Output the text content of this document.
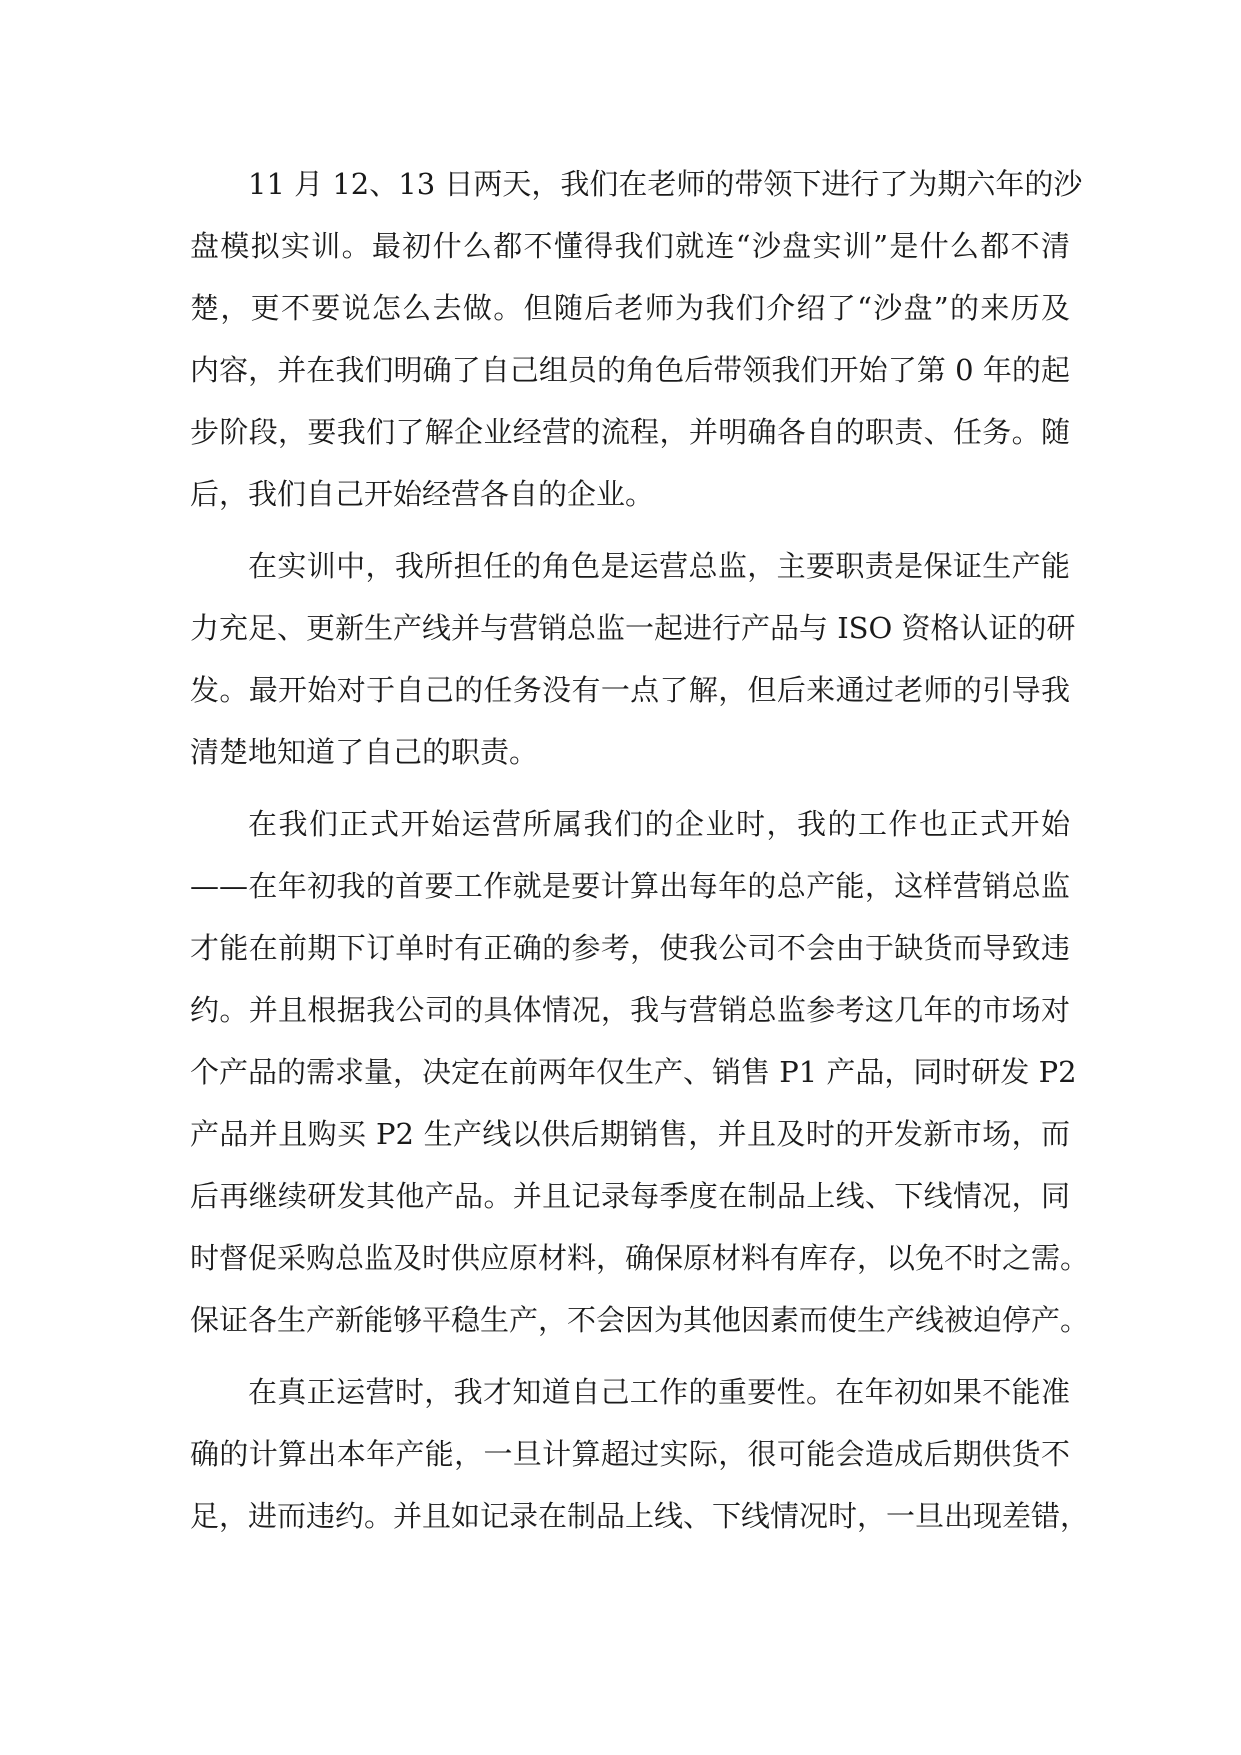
11 月 12、13 日两天，我们在老师的带领下进行了为期六年的沙
盘模拟实训。最初什么都不懂得我们就连“沙盘实训”是什么都不清
楚，更不要说怎么去做。但随后老师为我们介绍了“沙盘”的来历及
内容，并在我们明确了自己组员的角色后带领我们开始了第 0 年的起
步阶段，要我们了解企业经营的流程，并明确各自的职责、任务。随
后，我们自己开始经营各自的企业。
在实训中，我所担任的角色是运营总监，主要职责是保证生产能
力充足、更新生产线并与营销总监一起进行产品与 ISO 资格认证的研
发。最开始对于自己的任务没有一点了解，但后来通过老师的引导我
清楚地知道了自己的职责。
在我们正式开始运营所属我们的企业时，我的工作也正式开始
——在年初我的首要工作就是要计算出每年的总产能，这样营销总监
才能在前期下订单时有正确的参考，使我公司不会由于缺货而导致违
约。并且根据我公司的具体情况，我与营销总监参考这几年的市场对
个产品的需求量，决定在前两年仅生产、销售 P1 产品，同时研发 P2
产品并且购买 P2 生产线以供后期销售，并且及时的开发新市场，而
后再继续研发其他产品。并且记录每季度在制品上线、下线情况，同
时督促采购总监及时供应原材料，确保原材料有库存，以免不时之需。
保证各生产新能够平稳生产，不会因为其他因素而使生产线被迫停产。
在真正运营时，我才知道自己工作的重要性。在年初如果不能准
确的计算出本年产能，一旦计算超过实际，很可能会造成后期供货不
足，进而违约。并且如记录在制品上线、下线情况时，一旦出现差错，
